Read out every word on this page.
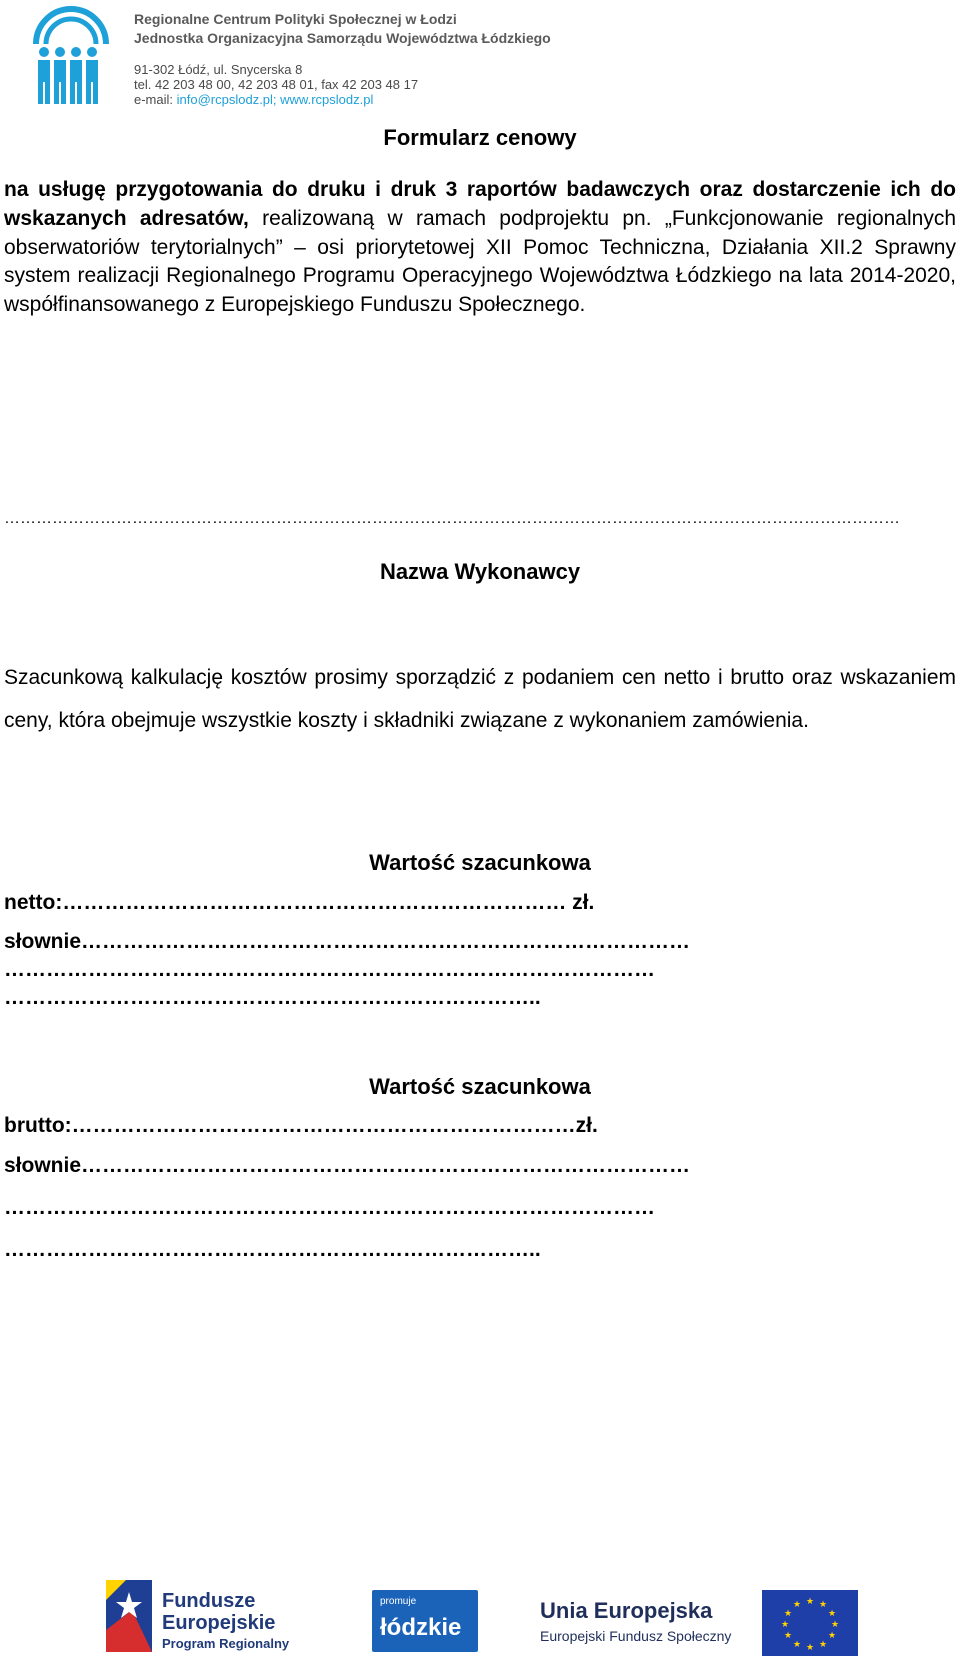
Regionalne Centrum Polityki Społecznej w Łodzi
Jednostka Organizacyjna Samorządu Województwa Łódzkiego
91-302 Łódź, ul. Snycerska 8
tel. 42 203 48 00, 42 203 48 01, fax 42 203 48 17
e-mail: info@rcpslodz.pl; www.rcpslodz.pl
Formularz cenowy
na usługę przygotowania do druku i druk 3 raportów badawczych oraz dostarczenie ich do wskazanych adresatów, realizowaną w ramach podprojektu pn. „Funkcjonowanie regionalnych obserwatoriów terytorialnych” – osi priorytetowej XII Pomoc Techniczna, Działania XII.2 Sprawny system realizacji Regionalnego Programu Operacyjnego Województwa Łódzkiego na lata 2014-2020, współfinansowanego z Europejskiego Funduszu Społecznego.
……………………………………………………………………………………………………………………………………………………
Nazwa Wykonawcy
Szacunkową kalkulację kosztów prosimy sporządzić z podaniem cen netto i brutto oraz wskazaniem ceny, która obejmuje wszystkie koszty i składniki związane z wykonaniem zamówienia.
Wartość szacunkowa
netto:……………………………………………………………… zł.
słownie……………………………………………………………………………
…………………………………………………………………………………
…………………………………………………………………..
Wartość szacunkowa
brutto:………………………………………………………………zł.
słownie……………………………………………………………………………
…………………………………………………………………………………
…………………………………………………………………..
Fundusze
Europejskie
Program Regionalny
promuje
łódzkie
Unia Europejska
Europejski Fundusz Społeczny
★ ★
★
★
★
★
★
★
★
★
★
★
